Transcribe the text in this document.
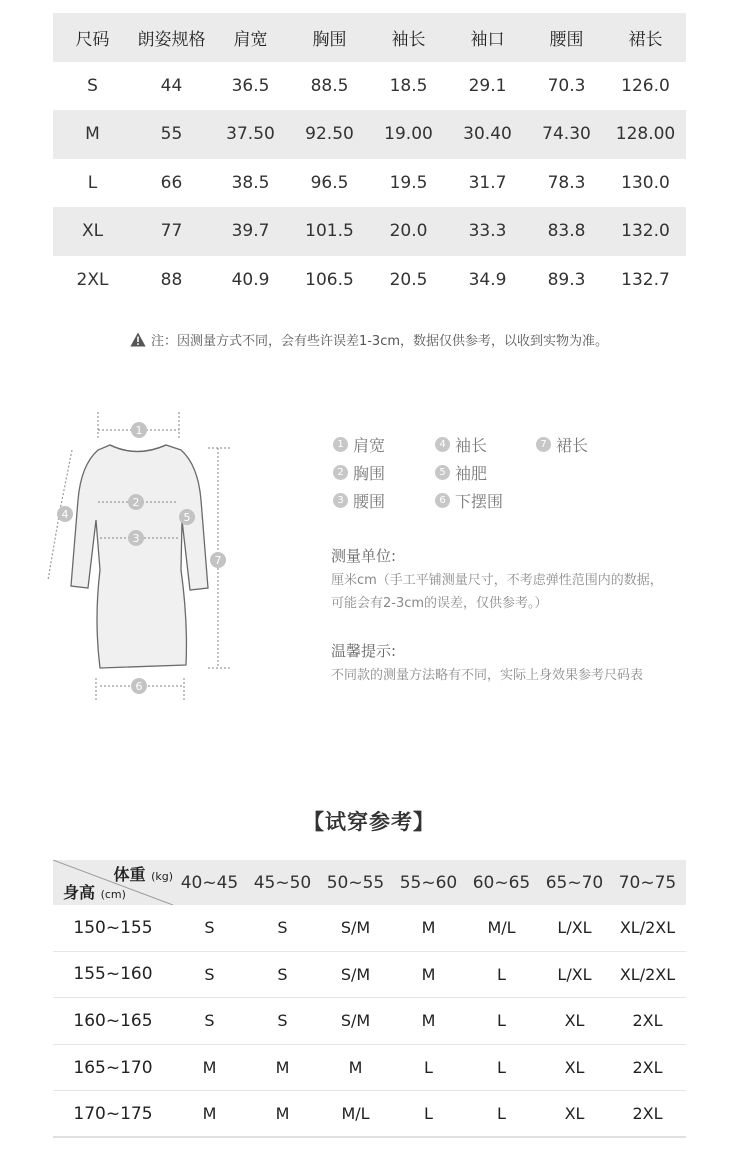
尺码	朗姿规格	肩宽	胸围	袖长	袖口	腰围	裙长
S	44	36.5	88.5	18.5	29.1	70.3	126.0
M	55	37.50	92.50	19.00	30.40	74.30	128.00
L	66	38.5	96.5	19.5	31.7	78.3	130.0
XL	77	39.7	101.5	20.0	33.3	83.8	132.0
2XL	88	40.9	106.5	20.5	34.9	89.3	132.7
注：因测量方式不同，会有些许误差1-3cm，数据仅供参考，以收到实物为准。
1
2
3
4	5
6
7
1 肩宽
2 胸围
3 腰围
4 袖长
5 袖肥
6 下摆围
7 裙长
测量单位:
厘米cm（手工平铺测量尺寸，不考虑弹性范围内的数据，
可能会有2-3cm的误差，仅供参考。）
温馨提示:
不同款的测量方法略有不同，实际上身效果参考尺码表
【试穿参考】
体重 (kg)
身高 (cm)
40~45 45~50 50~55 55~60 60~65 65~70 70~75
150~155	S	S	S/M	M	M/L	L/XL	XL/2XL
155~160	S	S	S/M	M	L	L/XL	XL/2XL
160~165	S	S	S/M	M	L	XL	2XL
165~170	M	M	M	L	L	XL	2XL
170~175	M	M	M/L	L	L	XL	2XL
